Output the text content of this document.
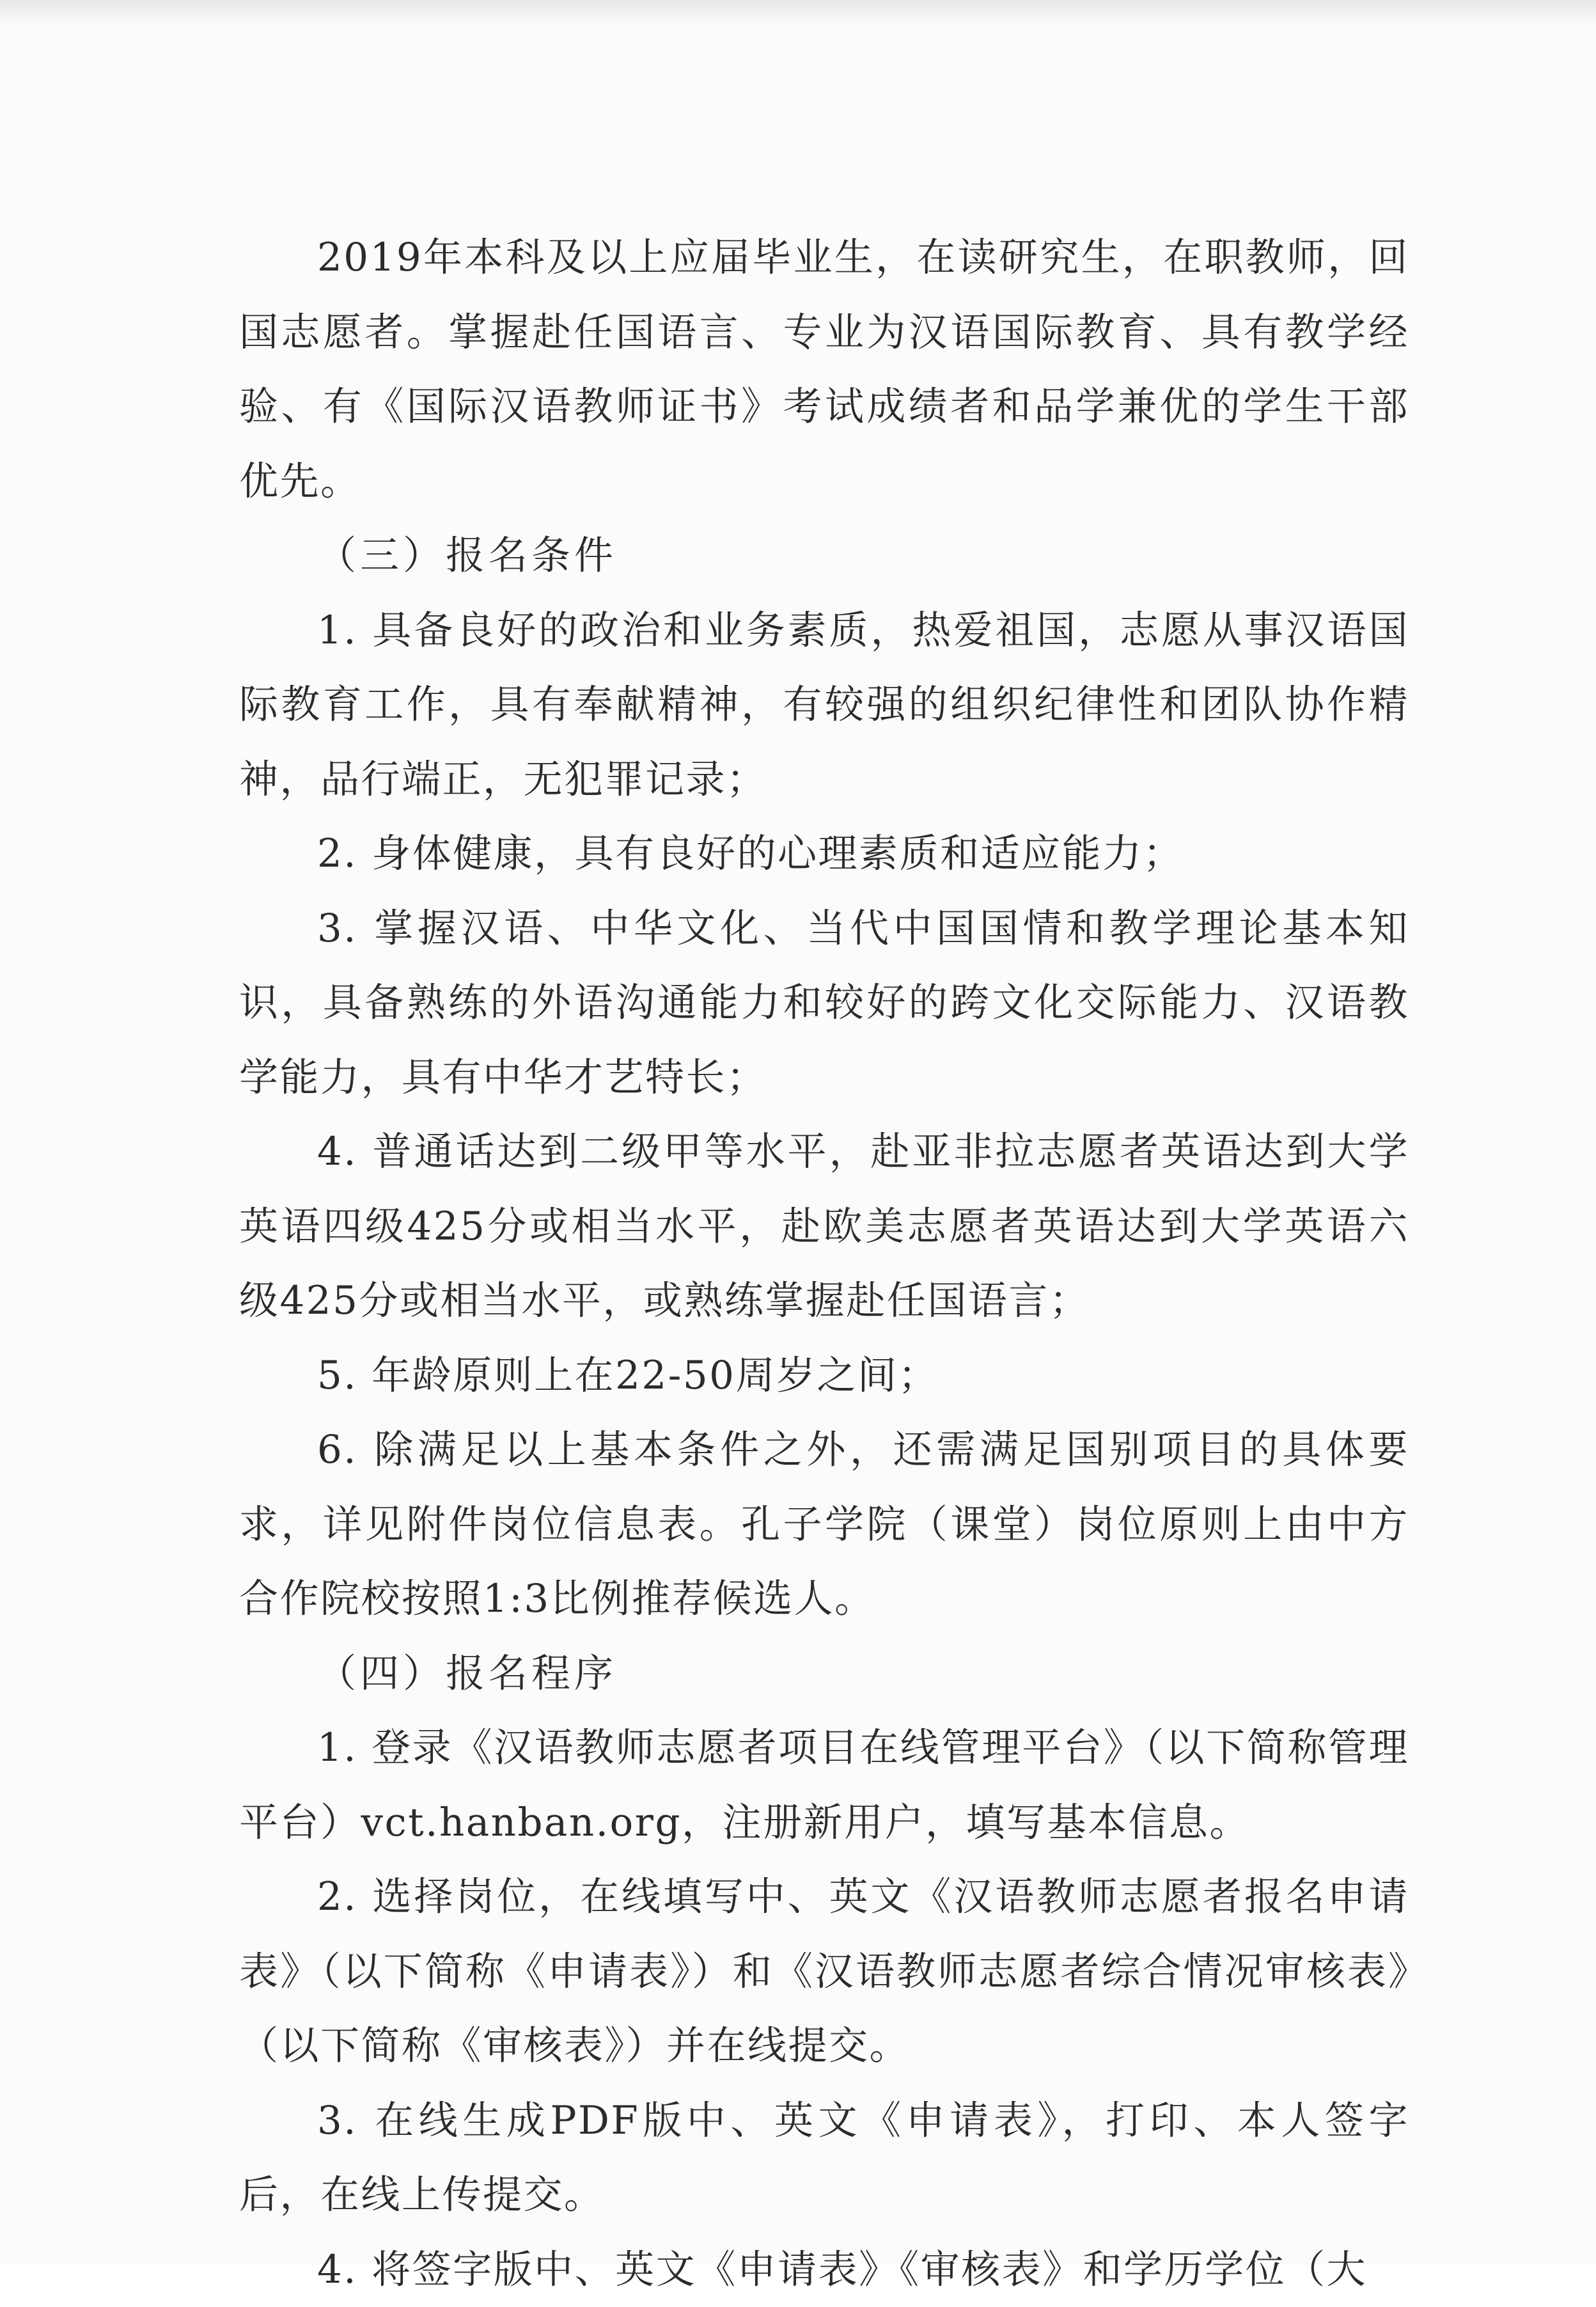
2019年本科及以上应届毕业生，在读研究生，在职教师，回国志愿者。掌握赴任国语言、专业为汉语国际教育、具有教学经验、有《国际汉语教师证书》考试成绩者和品学兼优的学生干部优先。

（三）报名条件

1. 具备良好的政治和业务素质，热爱祖国，志愿从事汉语国际教育工作，具有奉献精神，有较强的组织纪律性和团队协作精神，品行端正，无犯罪记录；

2. 身体健康，具有良好的心理素质和适应能力；

3. 掌握汉语、中华文化、当代中国国情和教学理论基本知识，具备熟练的外语沟通能力和较好的跨文化交际能力、汉语教学能力，具有中华才艺特长；

4. 普通话达到二级甲等水平，赴亚非拉志愿者英语达到大学英语四级425分或相当水平，赴欧美志愿者英语达到大学英语六级425分或相当水平，或熟练掌握赴任国语言；

5. 年龄原则上在22-50周岁之间；

6. 除满足以上基本条件之外，还需满足国别项目的具体要求，详见附件岗位信息表。孔子学院（课堂）岗位原则上由中方合作院校按照1:3比例推荐候选人。

（四）报名程序

1. 登录《汉语教师志愿者项目在线管理平台》（以下简称管理平台）vct.hanban.org，注册新用户，填写基本信息。

2. 选择岗位，在线填写中、英文《汉语教师志愿者报名申请表》（以下简称《申请表》）和《汉语教师志愿者综合情况审核表》（以下简称《审核表》）并在线提交。

3. 在线生成PDF版中、英文《申请表》，打印、本人签字后，在线上传提交。

4. 将签字版中、英文《申请表》《审核表》和学历学位（大
